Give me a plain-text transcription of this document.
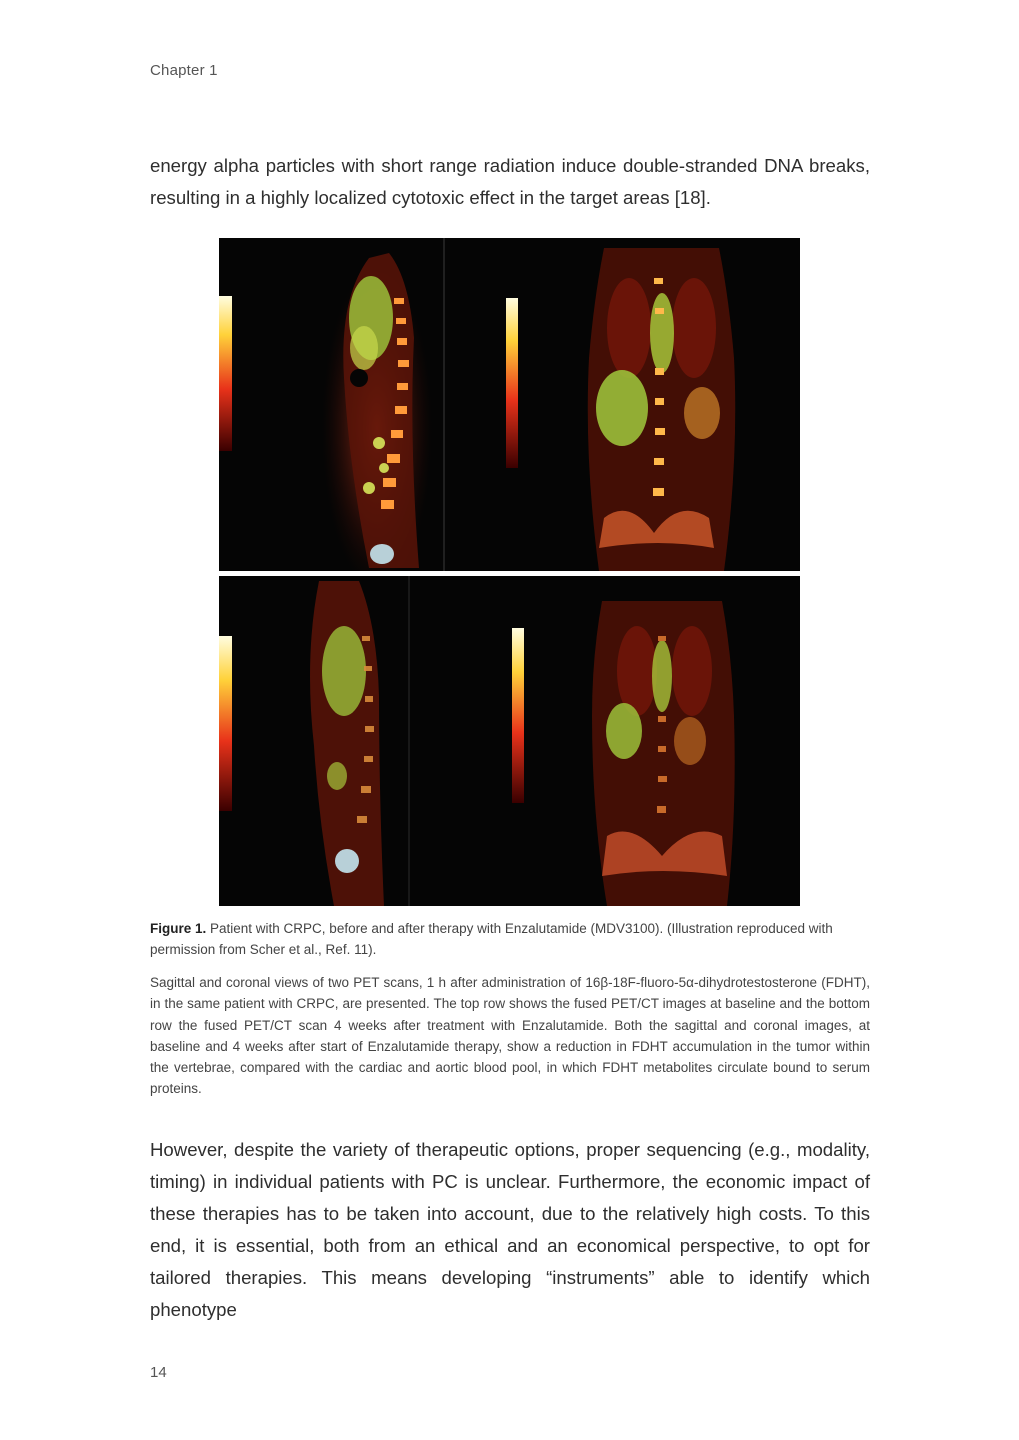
Chapter 1
energy alpha particles with short range radiation induce double-stranded DNA breaks, resulting in a highly localized cytotoxic effect in the target areas [18].
Figure 1. Patient with CRPC, before and after therapy with Enzalutamide (MDV3100). (Illustration reproduced with permission from Scher et al., Ref. 11).
Sagittal and coronal views of two PET scans, 1 h after administration of 16β-18F-fluoro-5α-dihydrotestosterone (FDHT), in the same patient with CRPC, are presented. The top row shows the fused PET/CT images at baseline and the bottom row the fused PET/CT scan 4 weeks after treatment with Enzalutamide. Both the sagittal and coronal images, at baseline and 4 weeks after start of Enzalutamide therapy, show a reduction in FDHT accumulation in the tumor within the vertebrae, compared with the cardiac and aortic blood pool, in which FDHT metabolites circulate bound to serum proteins.
However, despite the variety of therapeutic options, proper sequencing (e.g., modality, timing) in individual patients with PC is unclear. Furthermore, the economic impact of these therapies has to be taken into account, due to the relatively high costs. To this end, it is essential, both from an ethical and an economical perspective, to opt for tailored therapies. This means developing “instruments” able to identify which phenotype
14
